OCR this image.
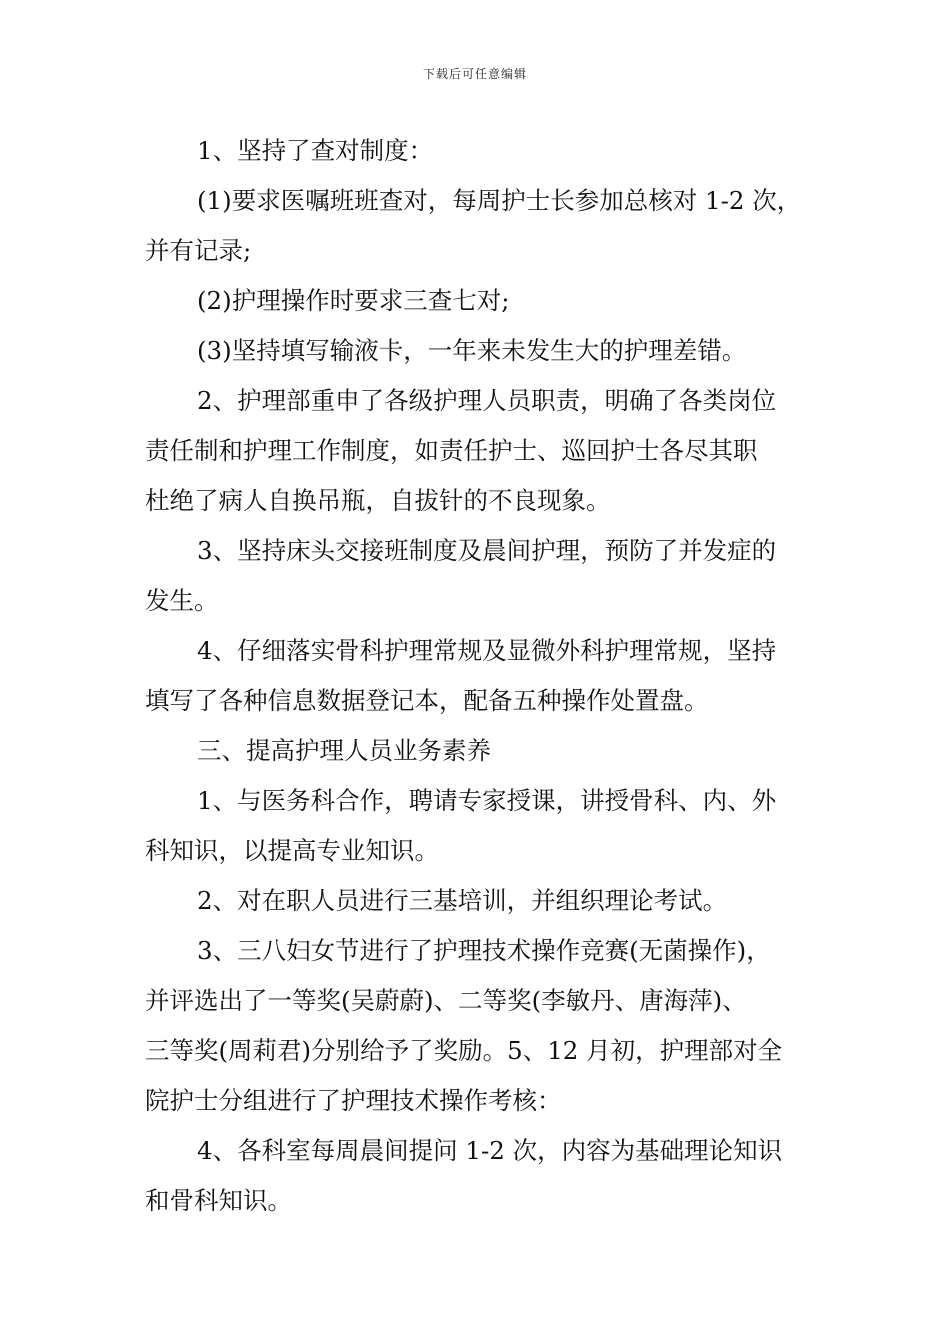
下载后可任意编辑
1、坚持了查对制度：
(1)要求医嘱班班查对，每周护士长参加总核对 1-2 次，
并有记录;
(2)护理操作时要求三查七对;
(3)坚持填写输液卡，一年来未发生大的护理差错。
2、护理部重申了各级护理人员职责，明确了各类岗位
责任制和护理工作制度，如责任护士、巡回护士各尽其职
杜绝了病人自换吊瓶，自拔针的不良现象。
3、坚持床头交接班制度及晨间护理，预防了并发症的
发生。
4、仔细落实骨科护理常规及显微外科护理常规，坚持
填写了各种信息数据登记本，配备五种操作处置盘。
三、提高护理人员业务素养
1、与医务科合作，聘请专家授课，讲授骨科、内、外
科知识，以提高专业知识。
2、对在职人员进行三基培训，并组织理论考试。
3、三八妇女节进行了护理技术操作竞赛(无菌操作)，
并评选出了一等奖(吴蔚蔚)、二等奖(李敏丹、唐海萍)、
三等奖(周莉君)分别给予了奖励。5、12 月初，护理部对全
院护士分组进行了护理技术操作考核：
4、各科室每周晨间提问 1-2 次，内容为基础理论知识
和骨科知识。
